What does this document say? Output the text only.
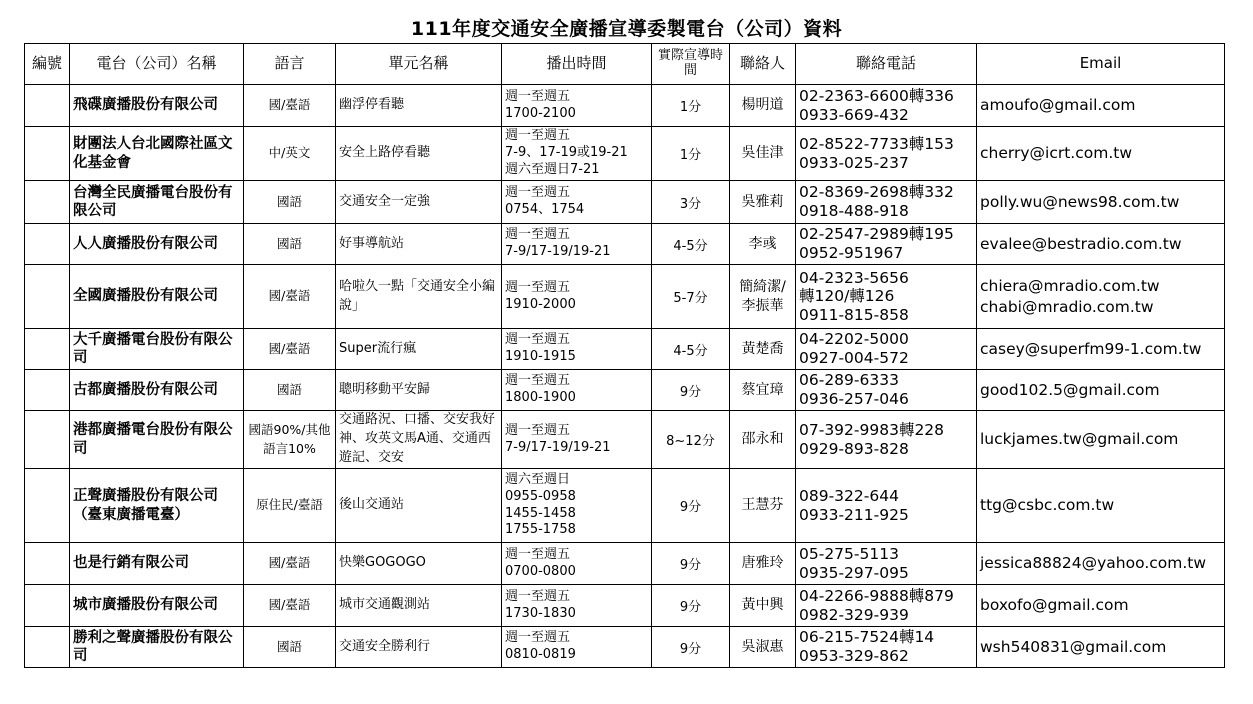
111年度交通安全廣播宣導委製電台（公司）資料
編號	電台（公司）名稱	語言	單元名稱	播出時間	實際宣導時間	聯絡人	聯絡電話	Email
	飛碟廣播股份有限公司	國/臺語	幽浮停看聽	週一至週五
1700-2100	1分	楊明道	02-2363-6600轉336
0933-669-432	amoufo@gmail.com

	財團法人台北國際社區文化基金會	中/英文	安全上路停看聽	週一至週五
7-9、17-19或19-21
週六至週日7-21	1分	吳佳津	02-8522-7733轉153
0933-025-237	cherry@icrt.com.tw

	台灣全民廣播電台股份有限公司	國語	交通安全一定強	週一至週五
0754、1754	3分	吳雅莉	02-8369-2698轉332
0918-488-918	polly.wu@news98.com.tw

	人人廣播股份有限公司	國語	好事導航站	週一至週五
7-9/17-19/19-21	4-5分	李彧	02-2547-2989轉195
0952-951967	evalee@bestradio.com.tw

	全國廣播股份有限公司	國/臺語	哈啦久一點「交通安全小編說」	週一至週五
1910-2000	5-7分	簡綺潔/李振華	04-2323-5656
轉120/轉126
0911-815-858	chiera@mradio.com.tw
chabi@mradio.com.tw

	大千廣播電台股份有限公司	國/臺語	Super流行瘋	週一至週五
1910-1915	4-5分	黃楚喬	04-2202-5000
0927-004-572	casey@superfm99-1.com.tw

	古都廣播股份有限公司	國語	聰明移動平安歸	週一至週五
1800-1900	9分	蔡宜璋	06-289-6333
0936-257-046	good102.5@gmail.com

	港都廣播電台股份有限公司	國語90%/其他語言10%	交通路況、口播、交安我好神、攻英文馬A通、交通西遊記、交安	週一至週五
7-9/17-19/19-21	8~12分	邵永和	07-392-9983轉228
0929-893-828	luckjames.tw@gmail.com

	正聲廣播股份有限公司（臺東廣播電臺）	原住民/臺語	後山交通站	週六至週日
0955-0958
1455-1458
1755-1758	9分	王慧芬	089-322-644
0933-211-925	ttg@csbc.com.tw

	也是行銷有限公司	國/臺語	快樂GOGOGO	週一至週五
0700-0800	9分	唐雅玲	05-275-5113
0935-297-095	jessica88824@yahoo.com.tw

	城市廣播股份有限公司	國/臺語	城市交通觀測站	週一至週五
1730-1830	9分	黃中興	04-2266-9888轉879
0982-329-939	boxofo@gmail.com

	勝利之聲廣播股份有限公司	國語	交通安全勝利行	週一至週五
0810-0819	9分	吳淑惠	06-215-7524轉14
0953-329-862	wsh540831@gmail.com
